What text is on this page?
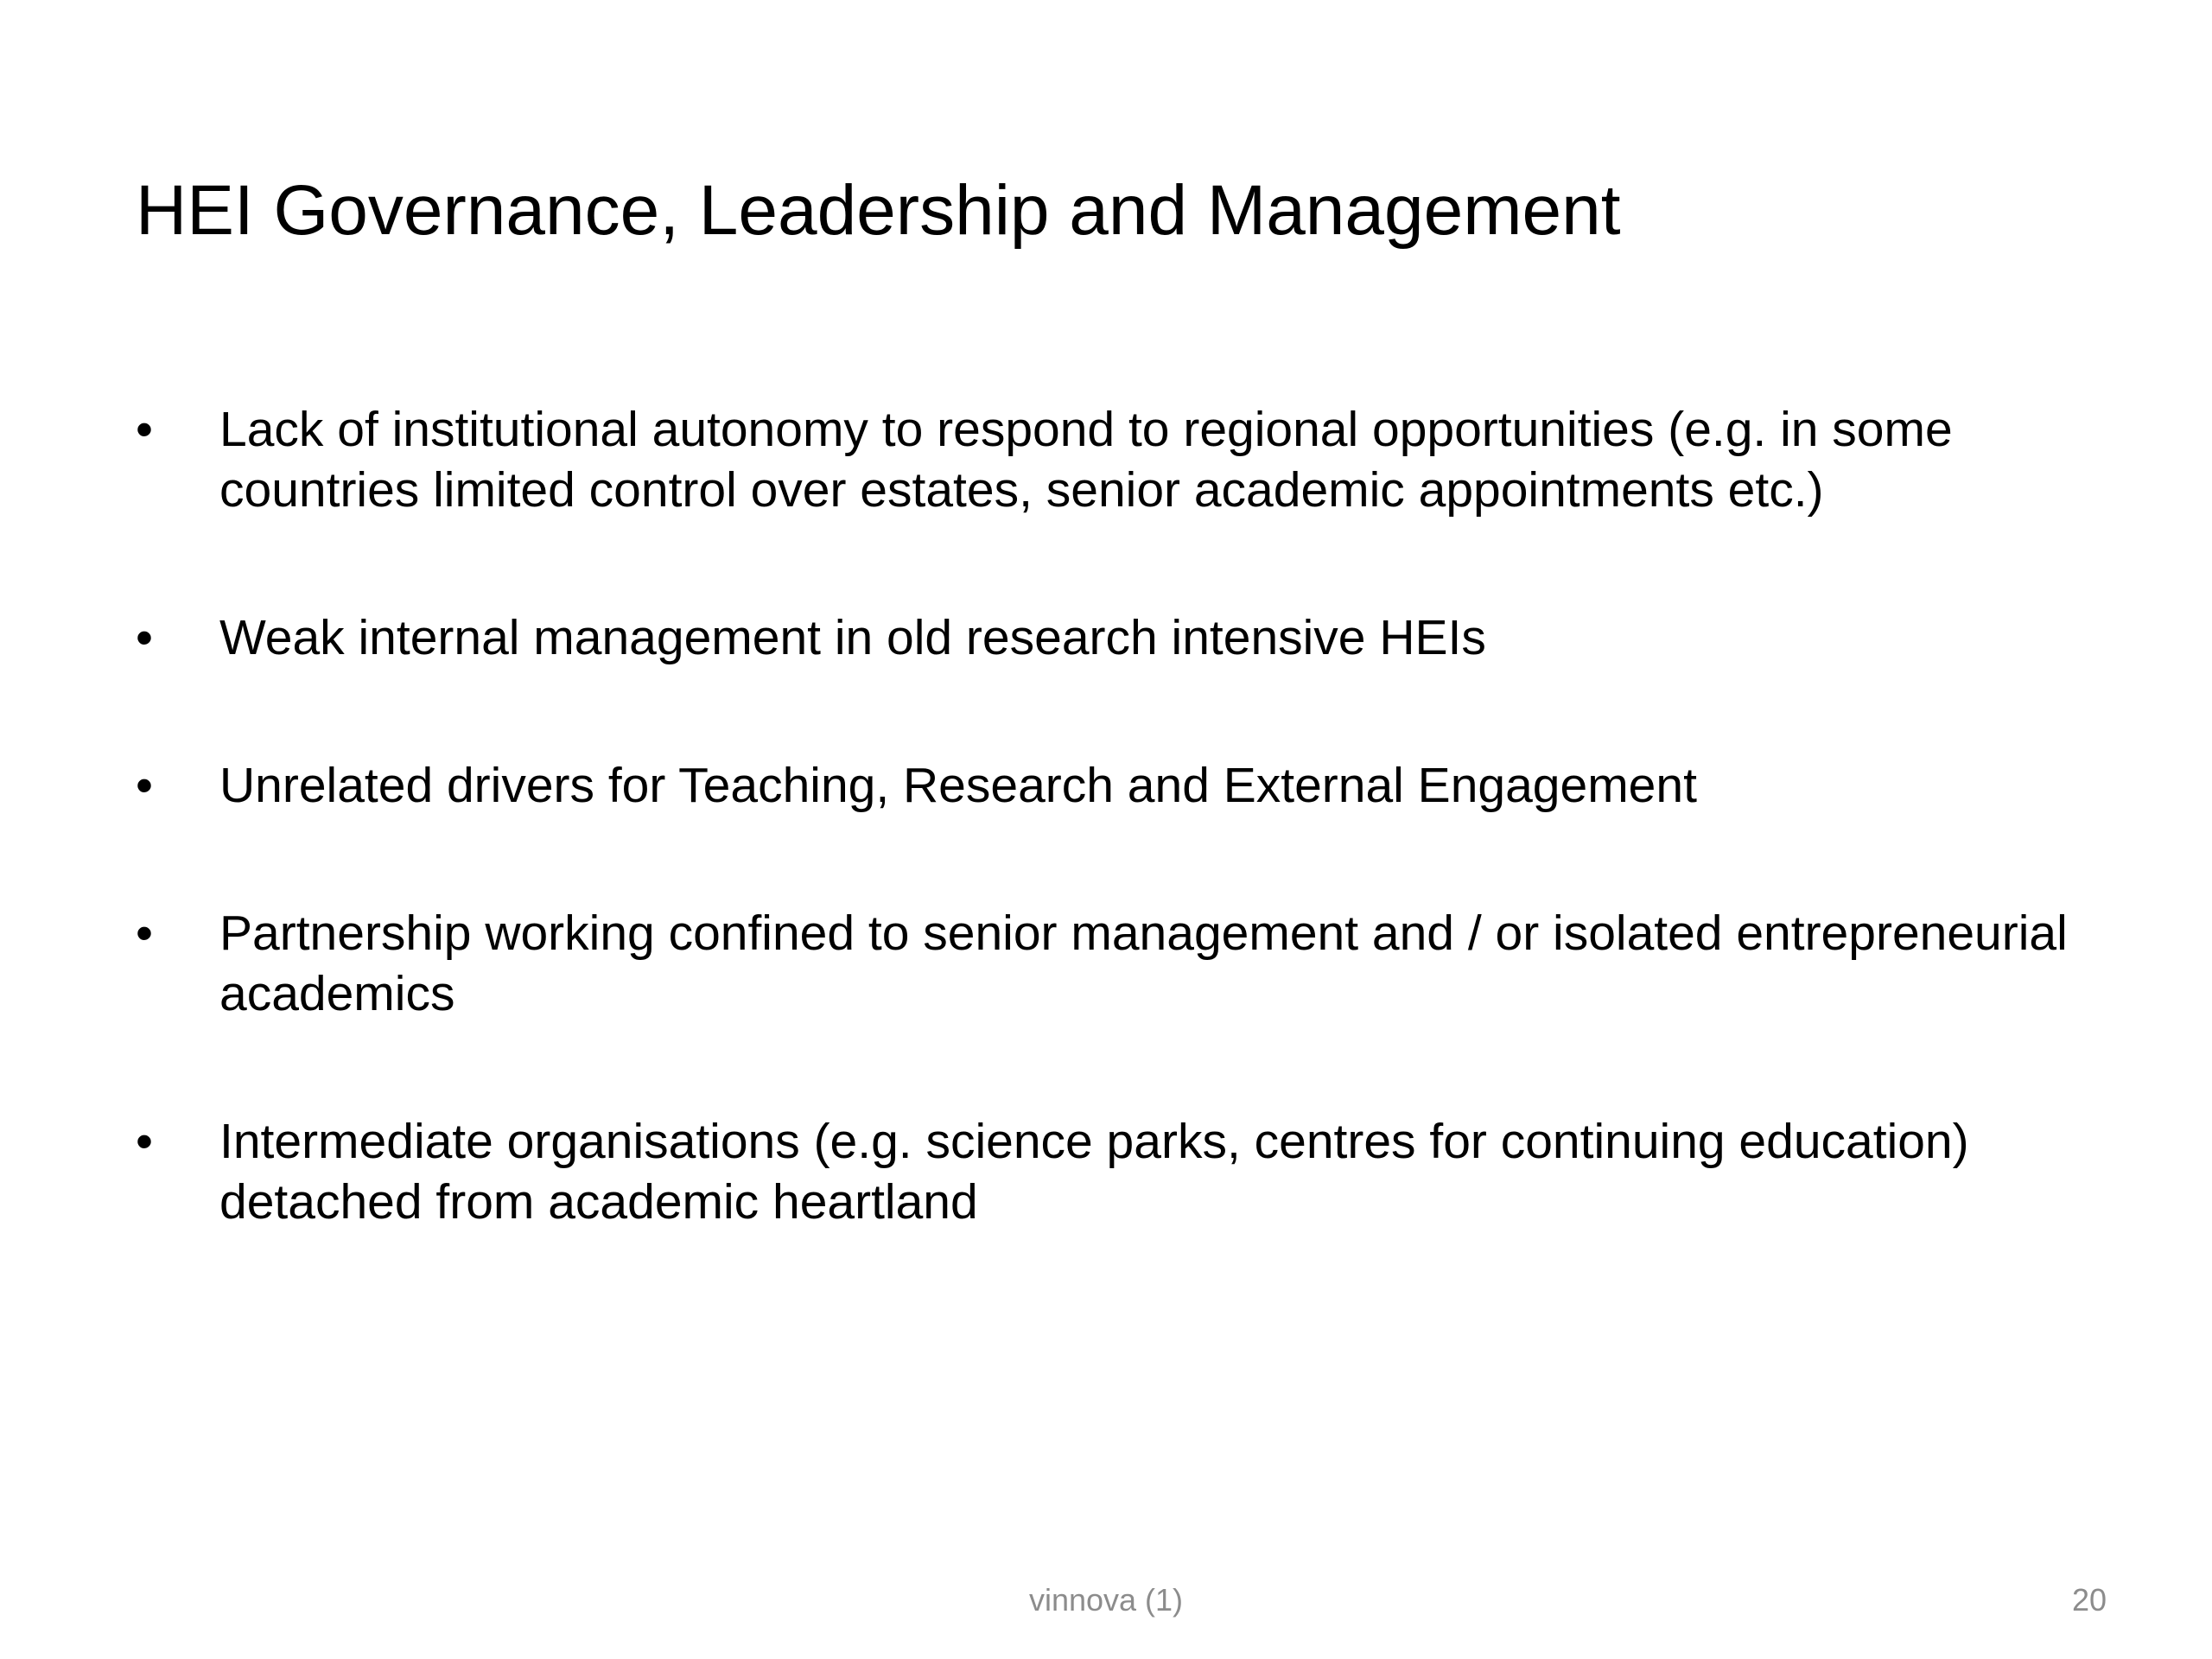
HEI Governance, Leadership and Management
• Lack of institutional autonomy to respond to regional opportunities (e.g. in some countries limited control over estates, senior academic appointments etc.)
• Weak internal management in old research intensive HEIs
• Unrelated drivers for Teaching, Research and External Engagement
• Partnership working confined to senior management and / or isolated entrepreneurial academics
• Intermediate organisations (e.g. science parks, centres for continuing education) detached from academic heartland
vinnova (1)	20
